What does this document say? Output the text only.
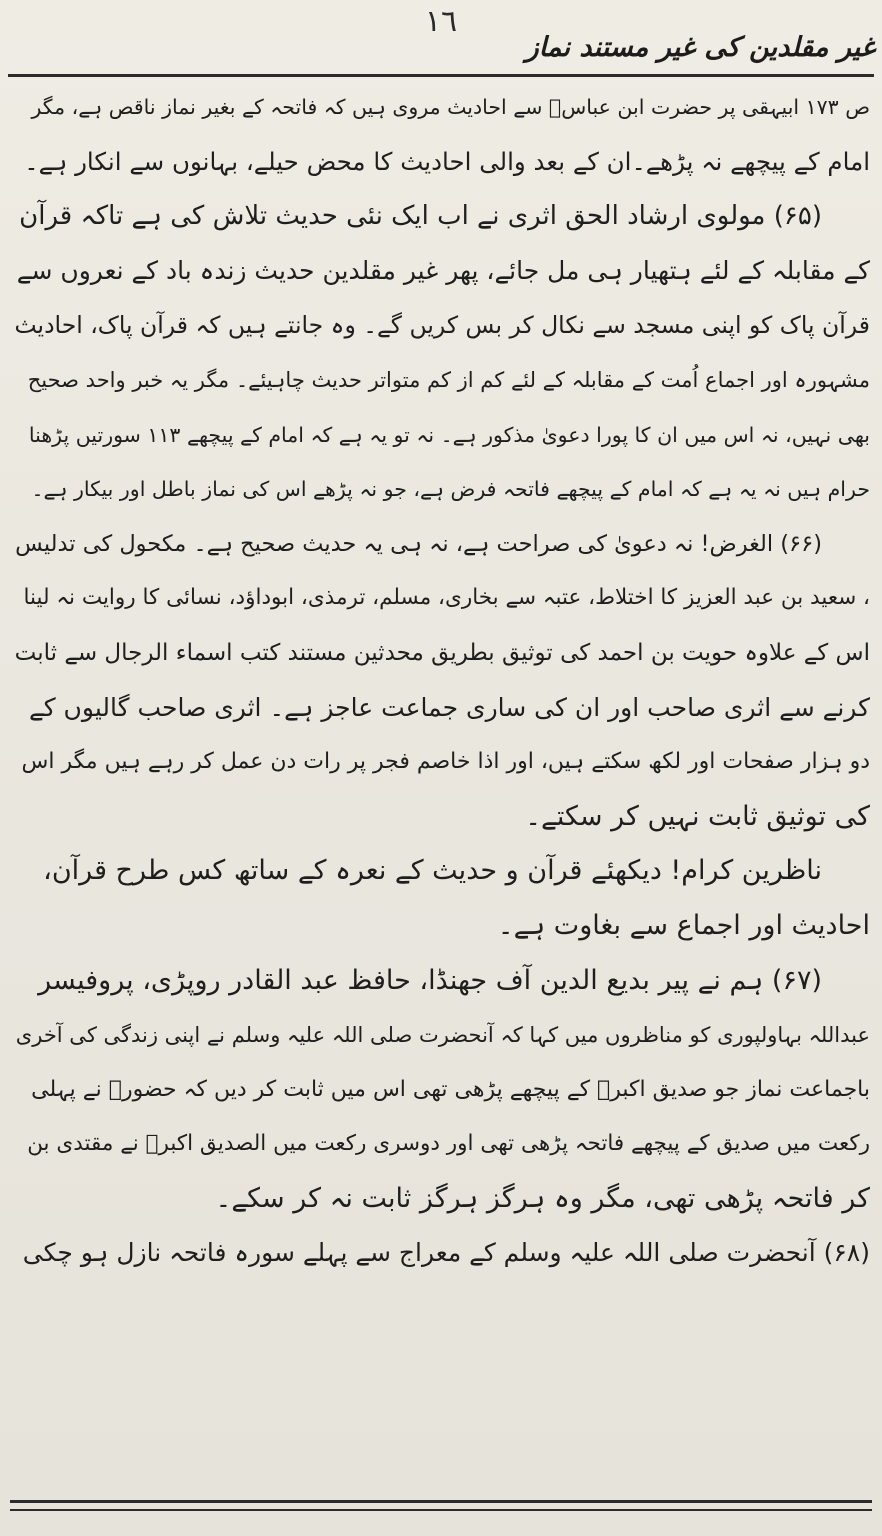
١٦
غیر مقلدین کی غیر مستند نماز
ص ۱۷۳ ابیہقی پر حضرت ابن عباسؓ سے احادیث مروی ہیں کہ فاتحہ کے بغیر نماز ناقص ہے، مگر
امام کے پیچھے نہ پڑھے۔ان کے بعد والی احادیث کا محض حیلے، بہانوں سے انکار ہے۔
(۶۵) مولوی ارشاد الحق اثری نے اب ایک نئی حدیث تلاش کی ہے تاکہ قرآن
کے مقابلہ کے لئے ہتھیار ہی مل جائے، پھر غیر مقلدین حدیث زندہ باد کے نعروں سے
قرآن پاک کو اپنی مسجد سے نکال کر بس کریں گے۔ وہ جانتے ہیں کہ قرآن پاک، احادیث
مشہورہ اور اجماع اُمت کے مقابلہ کے لئے کم از کم متواتر حدیث چاہیئے۔ مگر یہ خبر واحد صحیح
بھی نہیں، نہ اس میں ان کا پورا دعویٰ مذکور ہے۔ نہ تو یہ ہے کہ امام کے پیچھے ۱۱۳ سورتیں پڑھنا
حرام ہیں نہ یہ ہے کہ امام کے پیچھے فاتحہ فرض ہے، جو نہ پڑھے اس کی نماز باطل اور بیکار ہے۔
(۶۶) الغرض! نہ دعویٰ کی صراحت ہے، نہ ہی یہ حدیث صحیح ہے۔ مکحول کی تدلیس
، سعید بن عبد العزیز کا اختلاط، عتبہ سے بخاری، مسلم، ترمذی، ابوداؤد، نسائی کا روایت نہ لینا
اس کے علاوہ حویت بن احمد کی توثیق بطریق محدثین مستند کتب اسماء الرجال سے ثابت
کرنے سے اثری صاحب اور ان کی ساری جماعت عاجز ہے۔ اثری صاحب گالیوں کے
دو ہزار صفحات اور لکھ سکتے ہیں، اور اذا خاصم فجر پر رات دن عمل کر رہے ہیں مگر اس
کی توثیق ثابت نہیں کر سکتے۔
ناظرین کرام! دیکھئے قرآن و حدیث کے نعرہ کے ساتھ کس طرح قرآن،
احادیث اور اجماع سے بغاوت ہے۔
(۶۷) ہم نے پیر بدیع الدین آف جھنڈا، حافظ عبد القادر روپڑی، پروفیسر
عبداللہ بہاولپوری کو مناظروں میں کہا کہ آنحضرت صلی اللہ علیہ وسلم نے اپنی زندگی کی آخری
باجماعت نماز جو صدیق اکبرؓ کے پیچھے پڑھی تھی اس میں ثابت کر دیں کہ حضورؐ نے پہلی
رکعت میں صدیق کے پیچھے فاتحہ پڑھی تھی اور دوسری رکعت میں الصدیق اکبرؓ نے مقتدی بن
کر فاتحہ پڑھی تھی، مگر وہ ہرگز ہرگز ثابت نہ کر سکے۔
(۶۸) آنحضرت صلی اللہ علیہ وسلم کے معراج سے پہلے سورہ فاتحہ نازل ہو چکی
